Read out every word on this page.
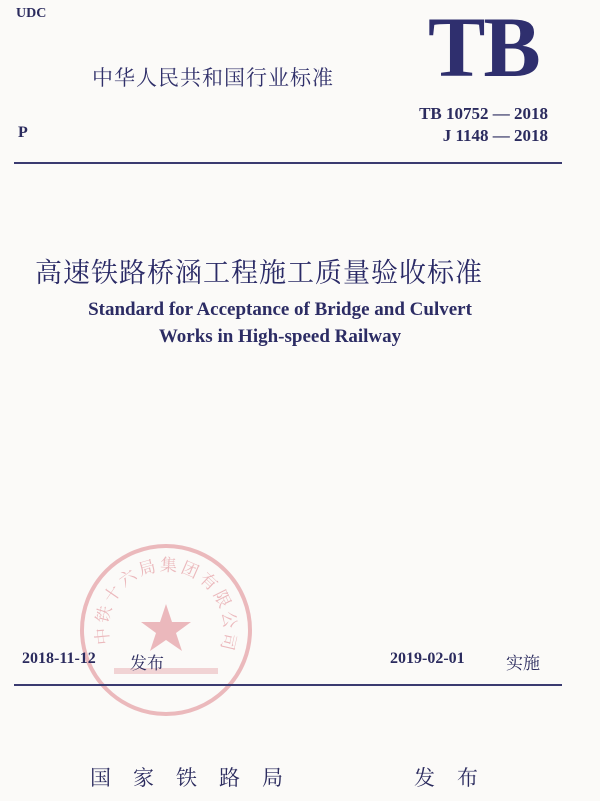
UDC
中华人民共和国行业标准 TB
TB 10752 — 2018
J 1148 — 2018
P
高速铁路桥涵工程施工质量验收标准
Standard for Acceptance of Bridge and Culvert
Works in High-speed Railway
中铁十六局集团有限公司
2018-11-12 发布	2019-02-01 实施
国家铁路局	发布
